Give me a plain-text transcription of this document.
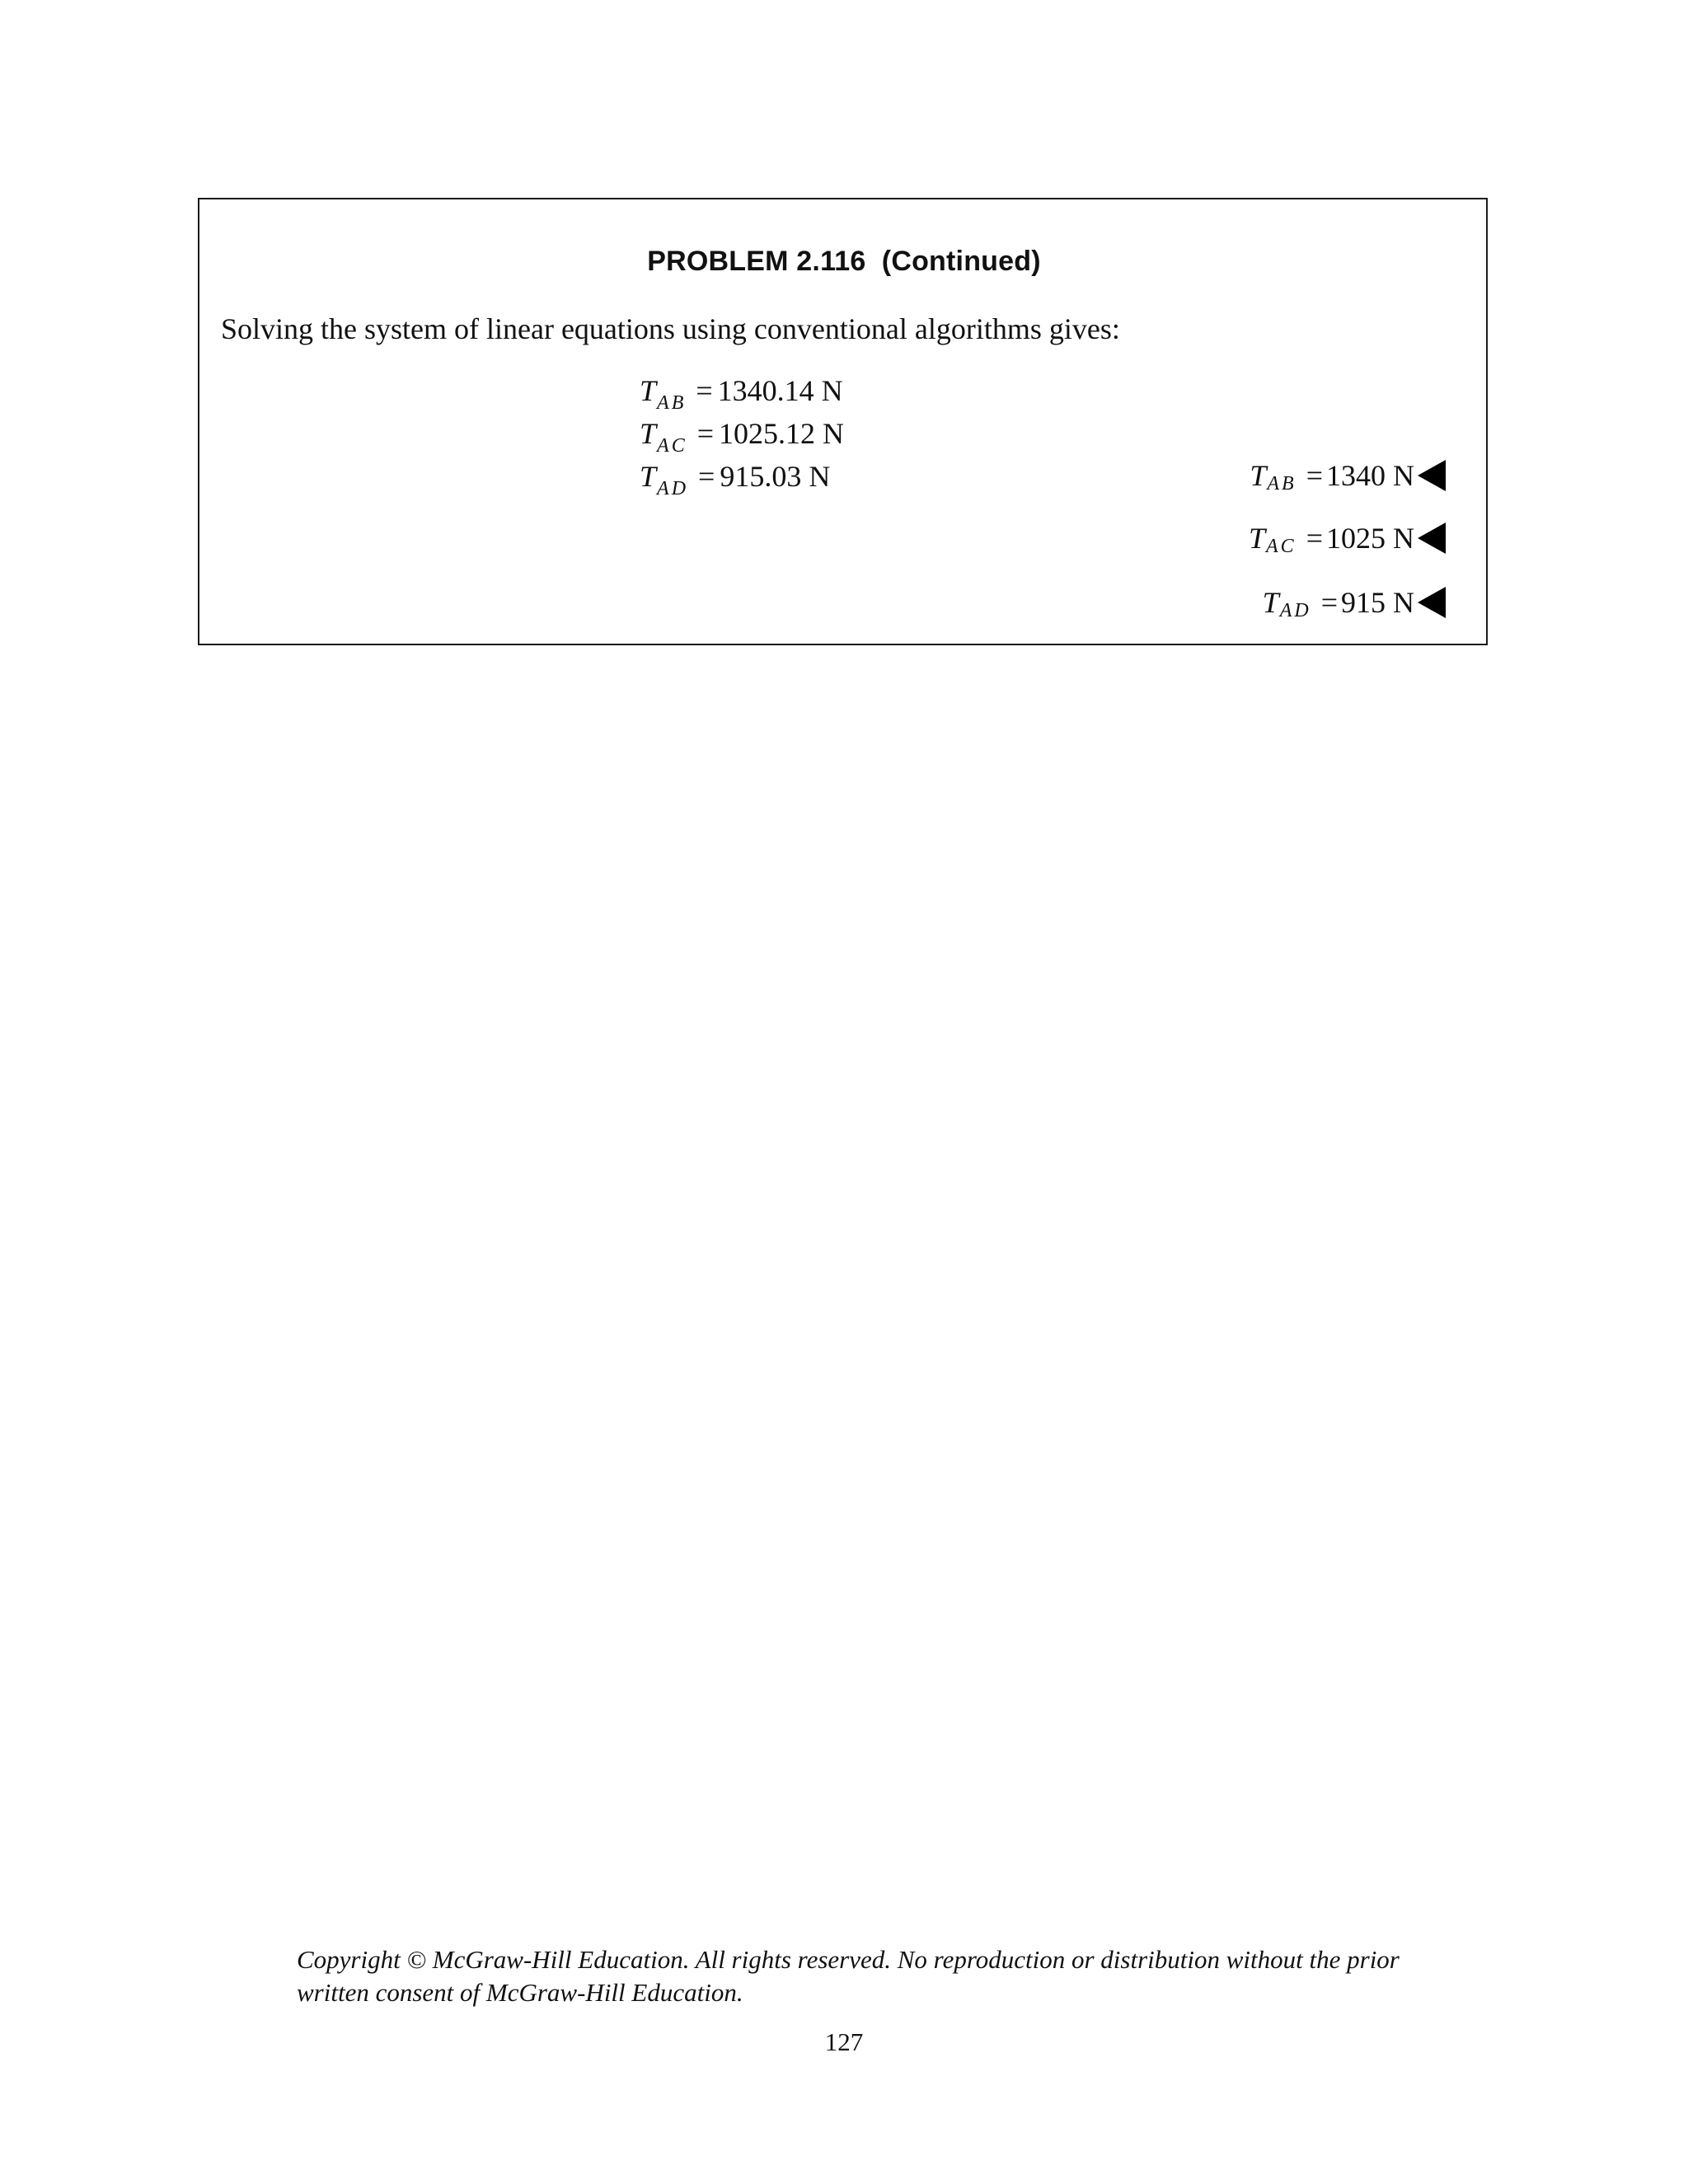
PROBLEM 2.116  (Continued)
Solving the system of linear equations using conventional algorithms gives:
$T_{AB} = 1340.14$ N
$T_{AC} = 1025.12$ N
$T_{AD} = 915.03$ N	T AB = 1340 N
T AC = 1025 N
T AD = 915 N
Copyright © McGraw-Hill Education. All rights reserved. No reproduction or distribution without the prior written consent of McGraw-Hill Education.
127
